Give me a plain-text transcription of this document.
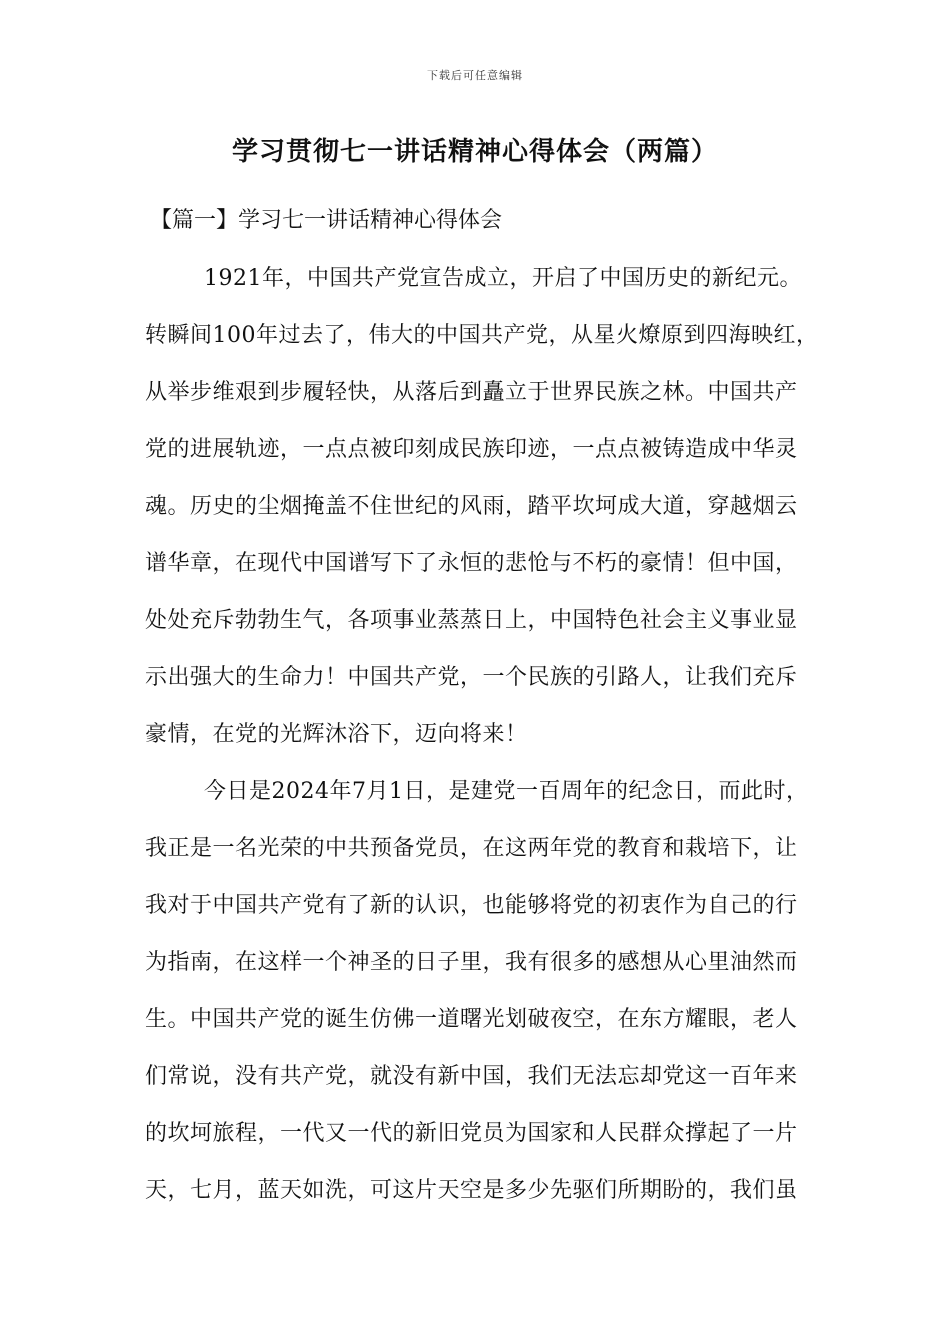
下载后可任意编辑
学习贯彻七一讲话精神心得体会（两篇）
【篇一】学习七一讲话精神心得体会
1921年，中国共产党宣告成立，开启了中国历史的新纪元。
转瞬间100年过去了，伟大的中国共产党，从星火燎原到四海映红，
从举步维艰到步履轻快，从落后到矗立于世界民族之林。中国共产
党的进展轨迹，一点点被印刻成民族印迹，一点点被铸造成中华灵
魂。历史的尘烟掩盖不住世纪的风雨，踏平坎坷成大道，穿越烟云
谱华章，在现代中国谱写下了永恒的悲怆与不朽的豪情！但中国，
处处充斥勃勃生气，各项事业蒸蒸日上，中国特色社会主义事业显
示出强大的生命力！中国共产党，一个民族的引路人，让我们充斥
豪情，在党的光辉沐浴下，迈向将来！
今日是2024年7月1日，是建党一百周年的纪念日，而此时，
我正是一名光荣的中共预备党员，在这两年党的教育和栽培下，让
我对于中国共产党有了新的认识，也能够将党的初衷作为自己的行
为指南，在这样一个神圣的日子里，我有很多的感想从心里油然而
生。中国共产党的诞生仿佛一道曙光划破夜空，在东方耀眼，老人
们常说，没有共产党，就没有新中国，我们无法忘却党这一百年来
的坎坷旅程，一代又一代的新旧党员为国家和人民群众撑起了一片
天，七月，蓝天如洗，可这片天空是多少先驱们所期盼的，我们虽
